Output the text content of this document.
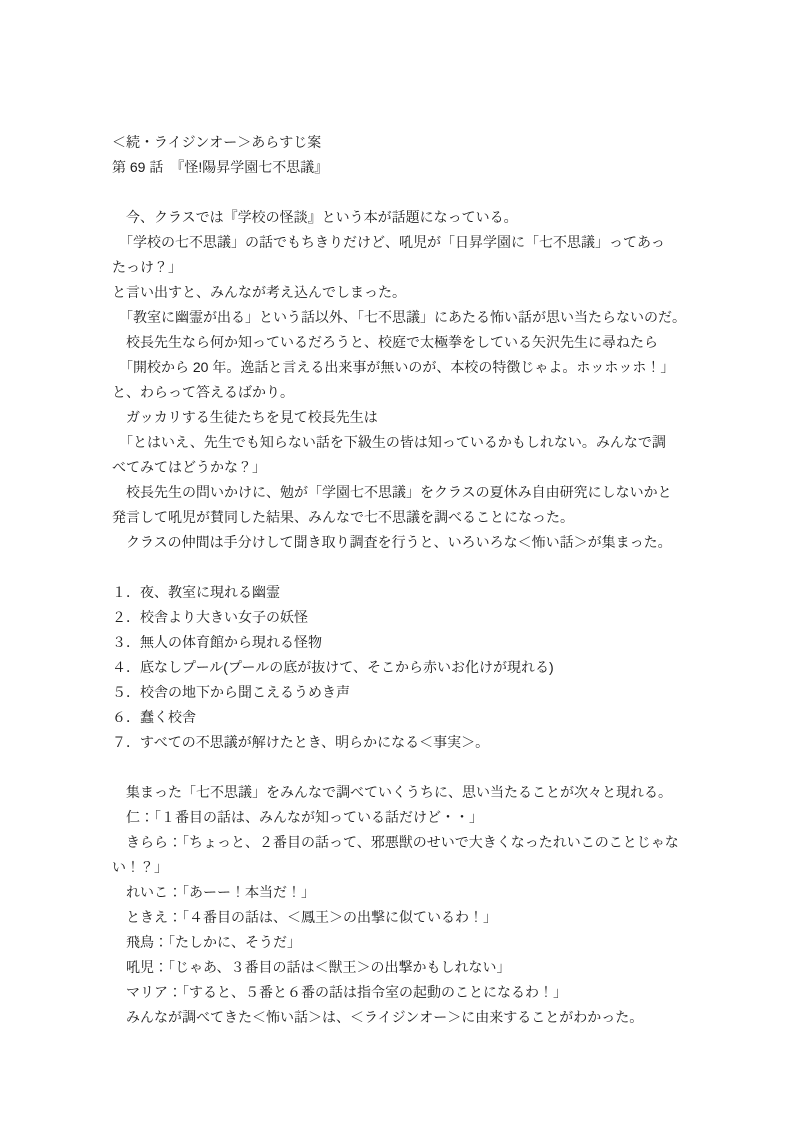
＜続・ライジンオー＞あらすじ案
第 69 話　『怪!陽昇学園七不思議』
　今、クラスでは『学校の怪談』という本が話題になっている。
　「学校の七不思議」の話でもちきりだけど、吼児が「日昇学園に「七不思議」ってあっ
たっけ？」
と言い出すと、みんなが考え込んでしまった。
　「教室に幽霊が出る」という話以外、「七不思議」にあたる怖い話が思い当たらないのだ。
　校長先生なら何か知っているだろうと、校庭で太極拳をしている矢沢先生に尋ねたら
　「開校から 20 年。逸話と言える出来事が無いのが、本校の特徴じゃよ。ホッホッホ！」
と、わらって答えるばかり。
　ガッカリする生徒たちを見て校長先生は
　「とはいえ、先生でも知らない話を下級生の皆は知っているかもしれない。みんなで調
べてみてはどうかな？」
　校長先生の問いかけに、勉が「学園七不思議」をクラスの夏休み自由研究にしないかと
発言して吼児が賛同した結果、みんなで七不思議を調べることになった。
　クラスの仲間は手分けして聞き取り調査を行うと、いろいろな＜怖い話＞が集まった。
１．夜、教室に現れる幽霊
２．校舎より大きい女子の妖怪
３．無人の体育館から現れる怪物
４．底なしプール(プールの底が抜けて、そこから赤いお化けが現れる)
５．校舎の地下から聞こえるうめき声
６．蠢く校舎
７．すべての不思議が解けたとき、明らかになる＜事実＞。
　集まった「七不思議」をみんなで調べていくうちに、思い当たることが次々と現れる。
　仁：「１番目の話は、みんなが知っている話だけど・・」
　きらら：「ちょっと、２番目の話って、邪悪獣のせいで大きくなったれいこのことじゃな
い！？」
　れいこ：「あーー！本当だ！」
　ときえ：「４番目の話は、＜鳳王＞の出撃に似ているわ！」
　飛鳥：「たしかに、そうだ」
　吼児：「じゃあ、３番目の話は＜獣王＞の出撃かもしれない」
　マリア：「すると、５番と６番の話は指令室の起動のことになるわ！」
　みんなが調べてきた＜怖い話＞は、＜ライジンオー＞に由来することがわかった。
